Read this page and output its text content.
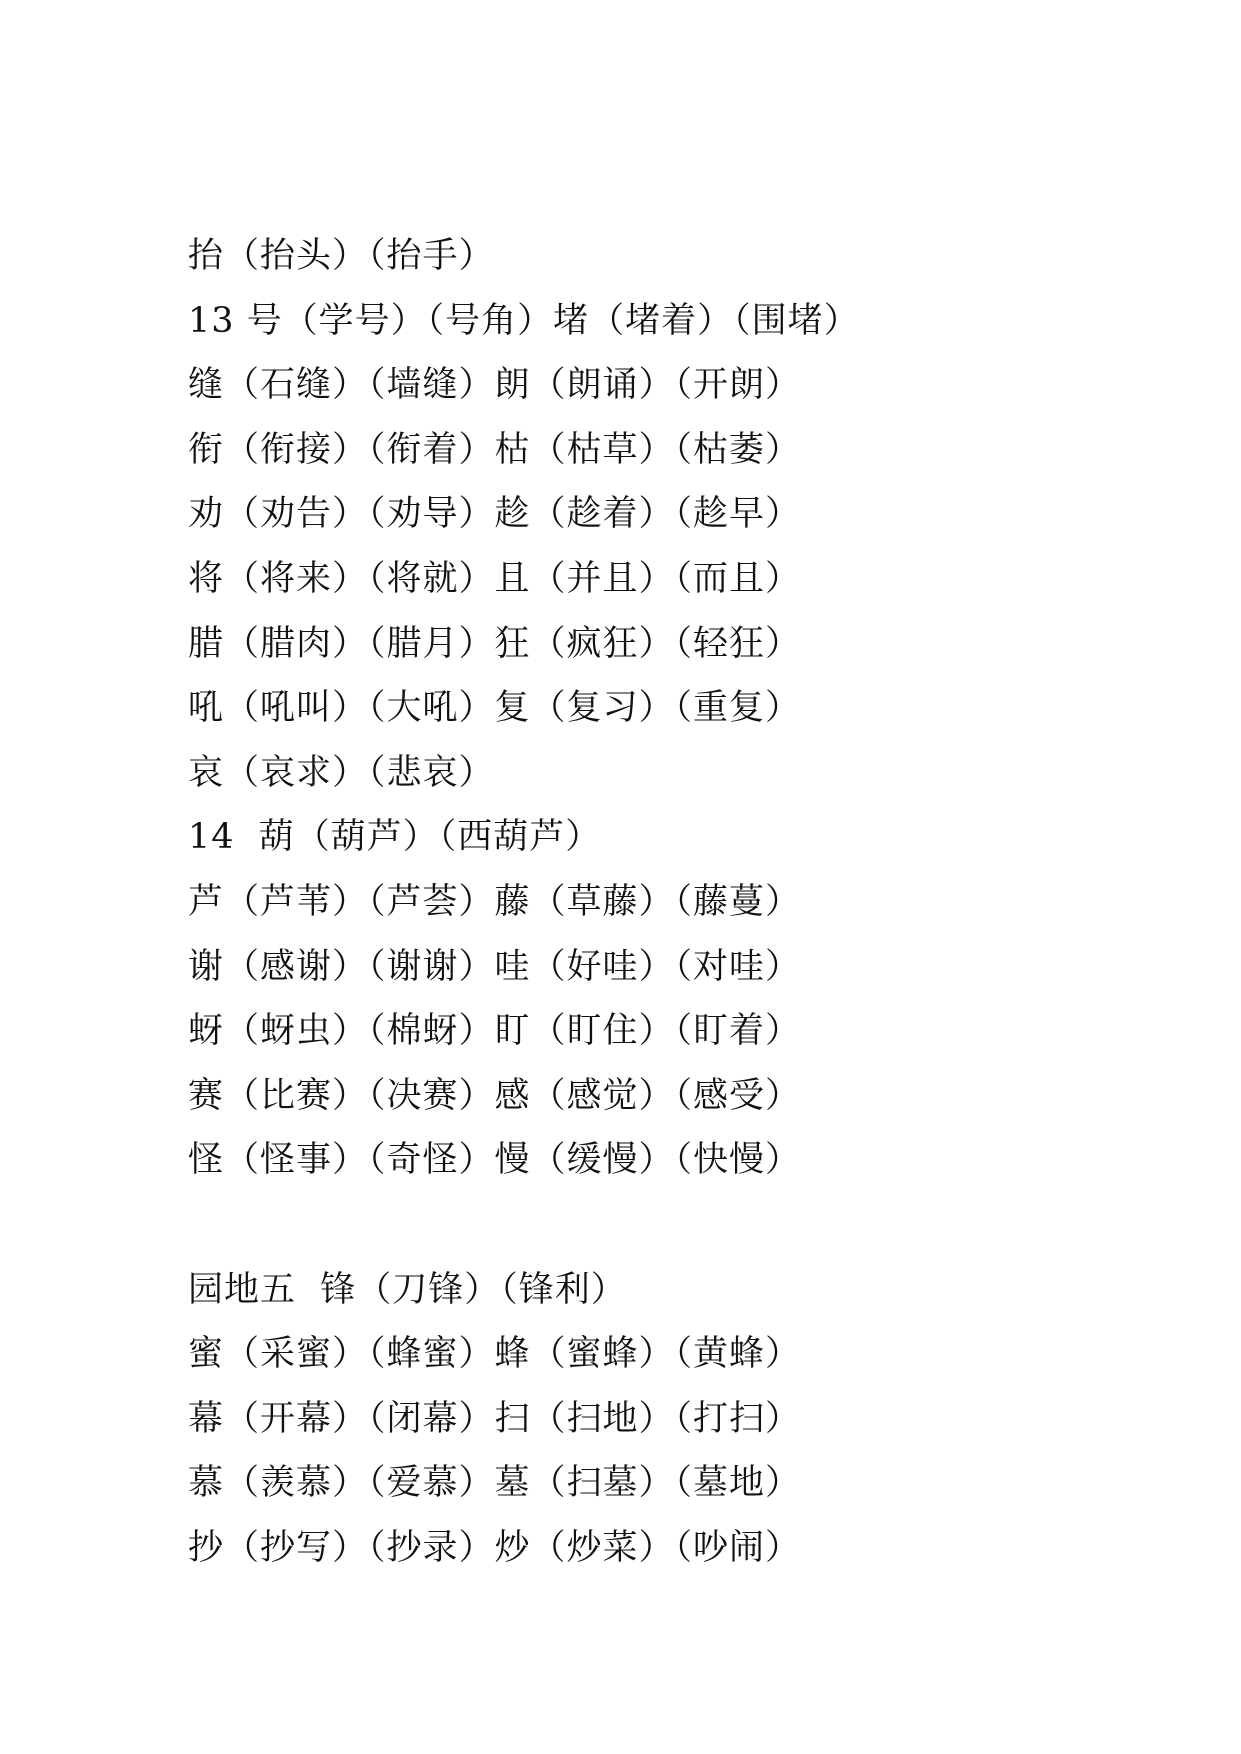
抬（抬头）（抬手）
13 号（学号）（号角）堵（堵着）（围堵）
缝（石缝）（墙缝）朗（朗诵）（开朗）
衔（衔接）（衔着）枯（枯草）（枯萎）
劝（劝告）（劝导）趁（趁着）（趁早）
将（将来）（将就）且（并且）（而且）
腊（腊肉）（腊月）狂（疯狂）（轻狂）
吼（吼叫）（大吼）复（复习）（重复）
哀（哀求）（悲哀）
14  葫（葫芦）（西葫芦）
芦（芦苇）（芦荟）藤（草藤）（藤蔓）
谢（感谢）（谢谢）哇（好哇）（对哇）
蚜（蚜虫）（棉蚜）盯（盯住）（盯着）
赛（比赛）（决赛）感（感觉）（感受）
怪（怪事）（奇怪）慢（缓慢）（快慢）
园地五  锋（刀锋）（锋利）
蜜（采蜜）（蜂蜜）蜂（蜜蜂）（黄蜂）
幕（开幕）（闭幕）扫（扫地）（打扫）
慕（羡慕）（爱慕）墓（扫墓）（墓地）
抄（抄写）（抄录）炒（炒菜）（吵闹）
